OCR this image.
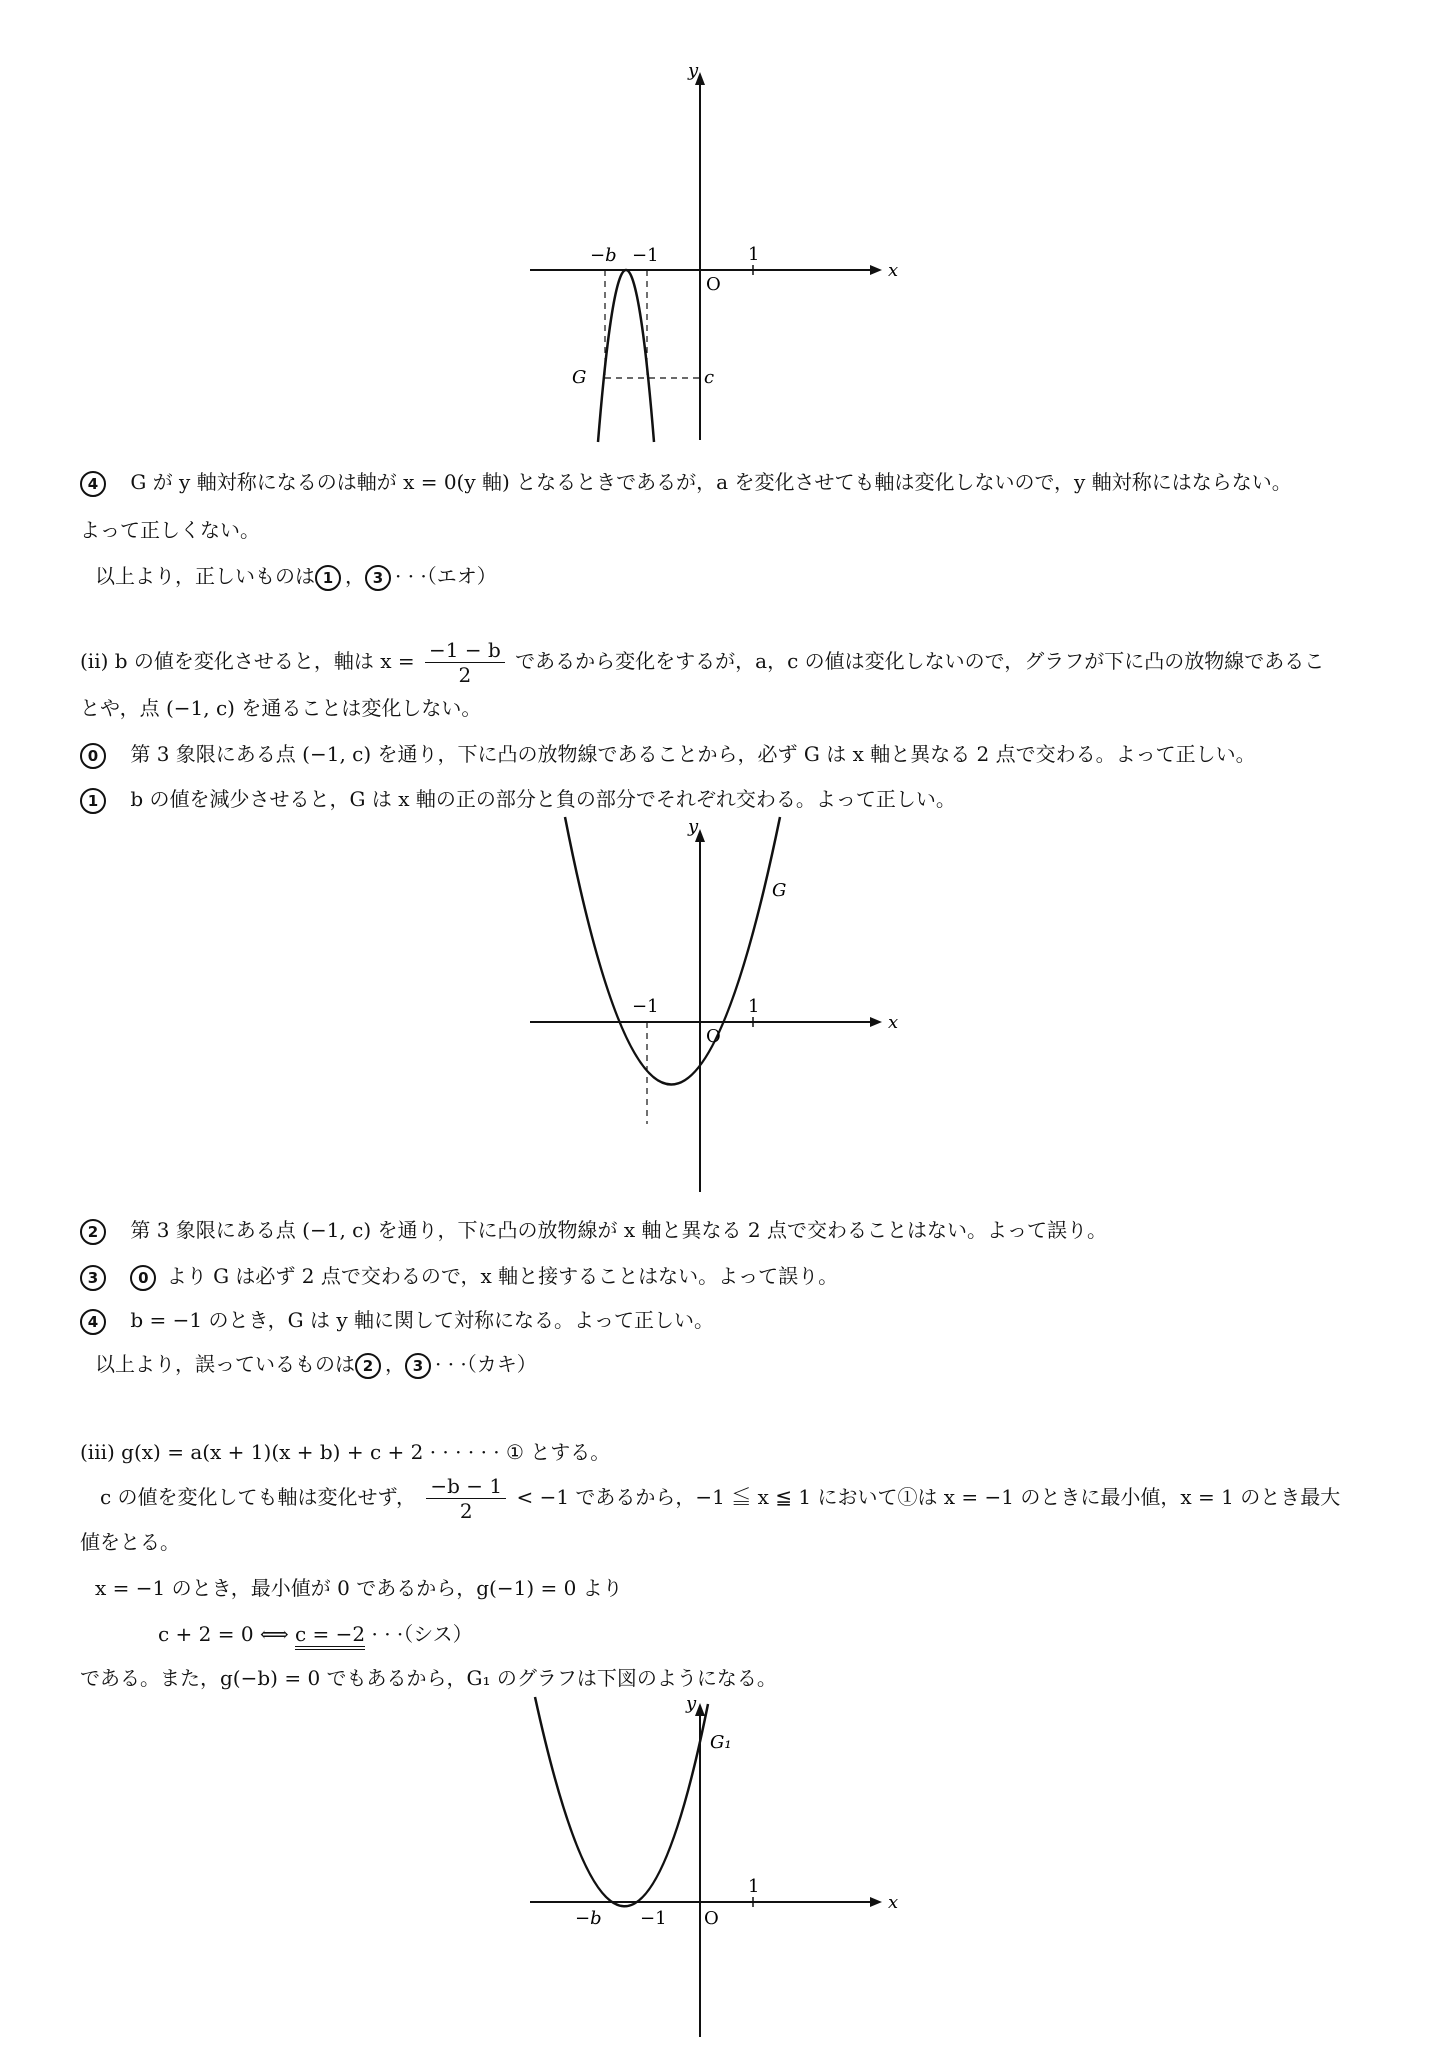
y
x
O
1
−b −1
G	c
4 G が y 軸対称になるのは軸が x = 0(y 軸) となるときであるが，a を変化させても軸は変化しないので，y 軸対称にはならない。
よって正しくない。
以上より，正しいものは 1 ， 3 · · ·（エオ）
(ii) b の値を変化させると，軸は $x = \frac{-1 - b}{2}$ であるから変化をするが，a，c の値は変化しないので，グラフが下に凸の放物線であるこ
とや，点 (−1, c) を通ることは変化しない。
0 第 3 象限にある点 (−1, c) を通り，下に凸の放物線であることから，必ず G は x 軸と異なる 2 点で交わる。よって正しい。
1 b の値を減少させると，G は x 軸の正の部分と負の部分でそれぞれ交わる。よって正しい。
y
x
O
1
−1
G
2 第 3 象限にある点 (−1, c) を通り，下に凸の放物線が x 軸と異なる 2 点で交わることはない。よって誤り。
3	0 より G は必ず 2 点で交わるので，x 軸と接することはない。よって誤り。
4 b = −1 のとき，G は y 軸に関して対称になる。よって正しい。
以上より，誤っているものは 2 ， 3 · · ·（カキ）
(iii) g(x) = a(x + 1)(x + b) + c + 2 · · · · · · ① とする。
c の値を変化しても軸は変化せず， $\frac{-b - 1}{2} < -1$ であるから，−1 ≦ x ≦ 1 において①は x = −1 のときに最小値，x = 1 のとき最大
値をとる。
x = −1 のとき，最小値が 0 であるから，g(−1) = 0 より
c + 2 = 0 ⟺ c = −2 · · ·（シス）
である。また，g(−b) = 0 でもあるから，G₁ のグラフは下図のようになる。
y
x
O
1
−b −1
G₁
